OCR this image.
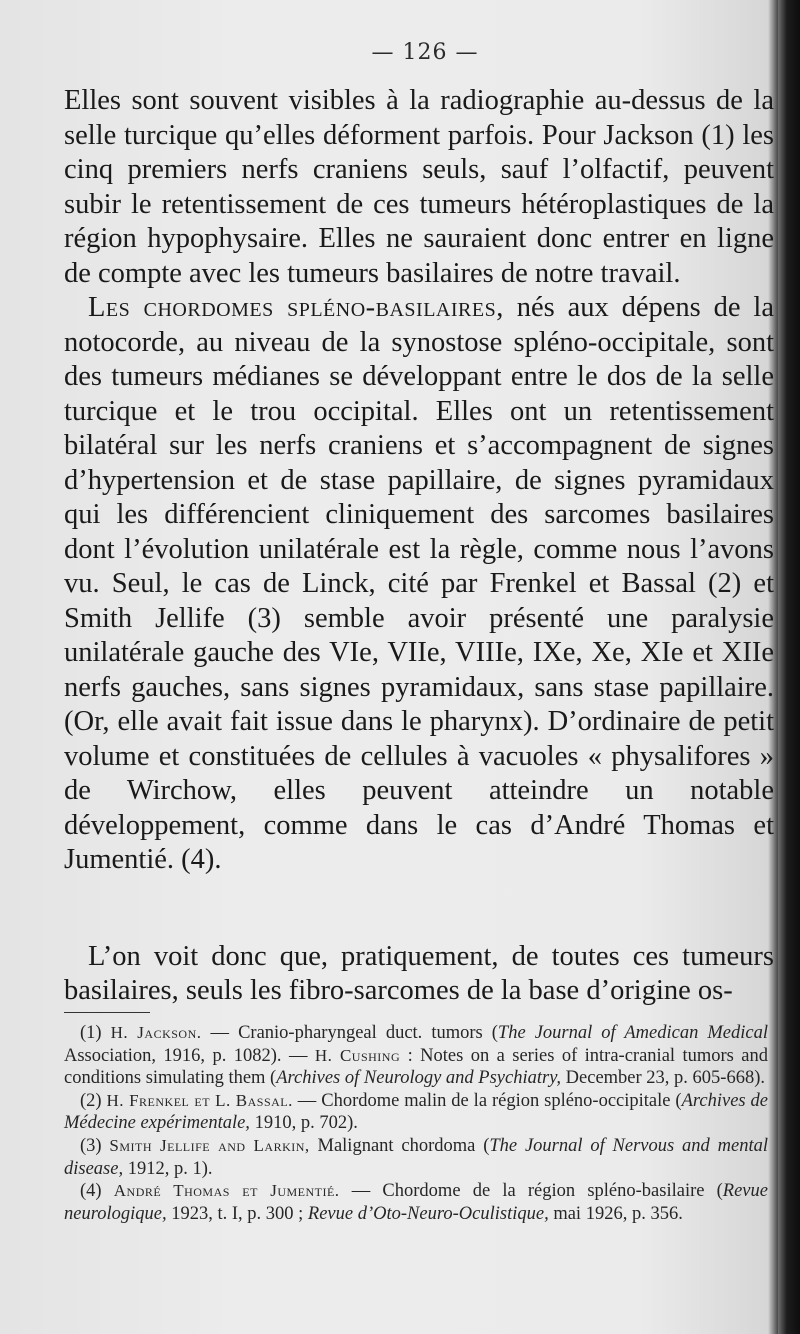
— 126 —

Elles sont souvent visibles à la radiographie au-dessus de la selle turcique qu’elles déforment parfois. Pour Jackson (1) les cinq premiers nerfs craniens seuls, sauf l’olfactif, peuvent subir le retentissement de ces tumeurs hétéroplastiques de la région hypophysaire. Elles ne sauraient donc entrer en ligne de compte avec les tumeurs basilaires de notre travail.

Les chordomes spléno-basilaires, nés aux dépens de la notocorde, au niveau de la synostose spléno-occipitale, sont des tumeurs médianes se développant entre le dos de la selle turcique et le trou occipital. Elles ont un retentissement bilatéral sur les nerfs craniens et s’accompagnent de signes d’hypertension et de stase papillaire, de signes pyramidaux qui les différencient cliniquement des sarcomes basilaires dont l’évolution unilatérale est la règle, comme nous l’avons vu. Seul, le cas de Linck, cité par Frenkel et Bassal (2) et Smith Jellife (3) semble avoir présenté une paralysie unilatérale gauche des VIe, VIIe, VIIIe, IXe, Xe, XIe et XIIe nerfs gauches, sans signes pyramidaux, sans stase papillaire. (Or, elle avait fait issue dans le pharynx). D’ordinaire de petit volume et constituées de cellules à vacuoles « physalifores » de Wirchow, elles peuvent atteindre un notable développement, comme dans le cas d’André Thomas et Jumentié. (4).

L’on voit donc que, pratiquement, de toutes ces tumeurs basilaires, seuls les fibro-sarcomes de la base d’origine os-

(1) H. Jackson. — Cranio-pharyngeal duct. tumors (The Journal of Amedican Medical Association, 1916, p. 1082). — H. Cushing : Notes on a series of intra-cranial tumors and conditions simulating them (Archives of Neurology and Psychiatry, December 23, p. 605-668).

(2) H. Frenkel et L. Bassal. — Chordome malin de la région spléno-occipitale (Archives de Médecine expérimentale, 1910, p. 702).

(3) Smith Jellife and Larkin, Malignant chordoma (The Journal of Nervous and mental disease, 1912, p. 1).

(4) André Thomas et Jumentié. — Chordome de la région spléno-basilaire (Revue neurologique, 1923, t. I, p. 300 ; Revue d’Oto-Neuro-Oculistique, mai 1926, p. 356.
